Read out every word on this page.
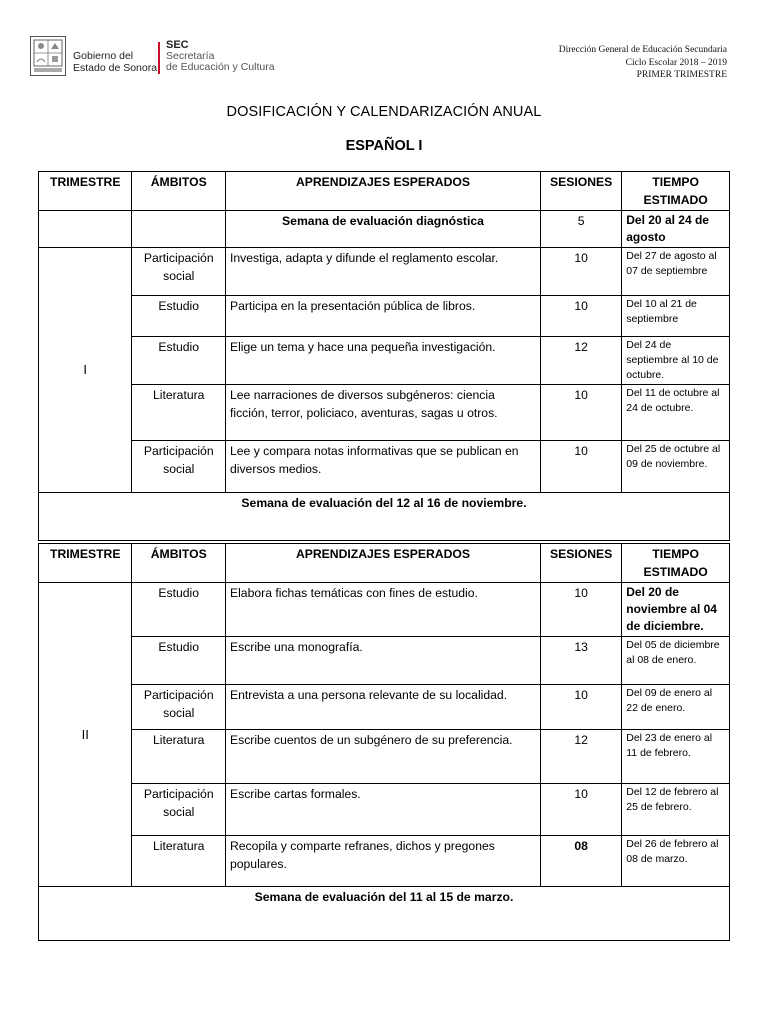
Gobierno del
Estado de Sonora
SEC
Secretaría
de Educación y Cultura
Dirección General de Educación Secundaria
Ciclo Escolar 2018 – 2019
PRIMER TRIMESTRE
DOSIFICACIÓN Y CALENDARIZACIÓN ANUAL
ESPAÑOL I
TRIMESTRE	ÁMBITOS	APRENDIZAJES ESPERADOS	SESIONES	TIEMPO
ESTIMADO
		Semana de evaluación diagnóstica	5	Del 20 al 24 de agosto
I	Participación social	Investiga, adapta y difunde el reglamento escolar.	10	Del 27 de agosto al 07 de septiembre
	Estudio	Participa en la presentación pública de libros.	10	Del 10 al 21 de septiembre
	Estudio	Elige un tema y hace una pequeña investigación.	12	Del 24 de septiembre al 10 de octubre.
	Literatura	Lee narraciones de diversos subgéneros: ciencia ficción, terror, policiaco, aventuras, sagas u otros.	10	Del 11 de octubre al 24 de octubre.
	Participación social	Lee y compara notas informativas que se publican en diversos medios.	10	Del 25 de octubre al 09 de noviembre.
Semana de evaluación del 12 al 16 de noviembre.				
TRIMESTRE	ÁMBITOS	APRENDIZAJES ESPERADOS	SESIONES	TIEMPO
ESTIMADO
II	Estudio	Elabora fichas temáticas con fines de estudio.	10	Del 20 de noviembre al 04 de diciembre.
	Estudio	Escribe una monografía.	13	Del 05 de diciembre al 08 de enero.
	Participación social	Entrevista a una persona relevante de su localidad.	10	Del 09 de enero al 22 de enero.
	Literatura	Escribe cuentos de un subgénero de su preferencia.	12	Del 23 de enero al 11 de febrero.
	Participación social	Escribe cartas formales.	10	Del 12 de febrero al 25 de febrero.
	Literatura	Recopila y comparte refranes, dichos y pregones populares.	08	Del 26 de febrero al 08 de marzo.
Semana de evaluación del 11 al 15 de marzo.				
